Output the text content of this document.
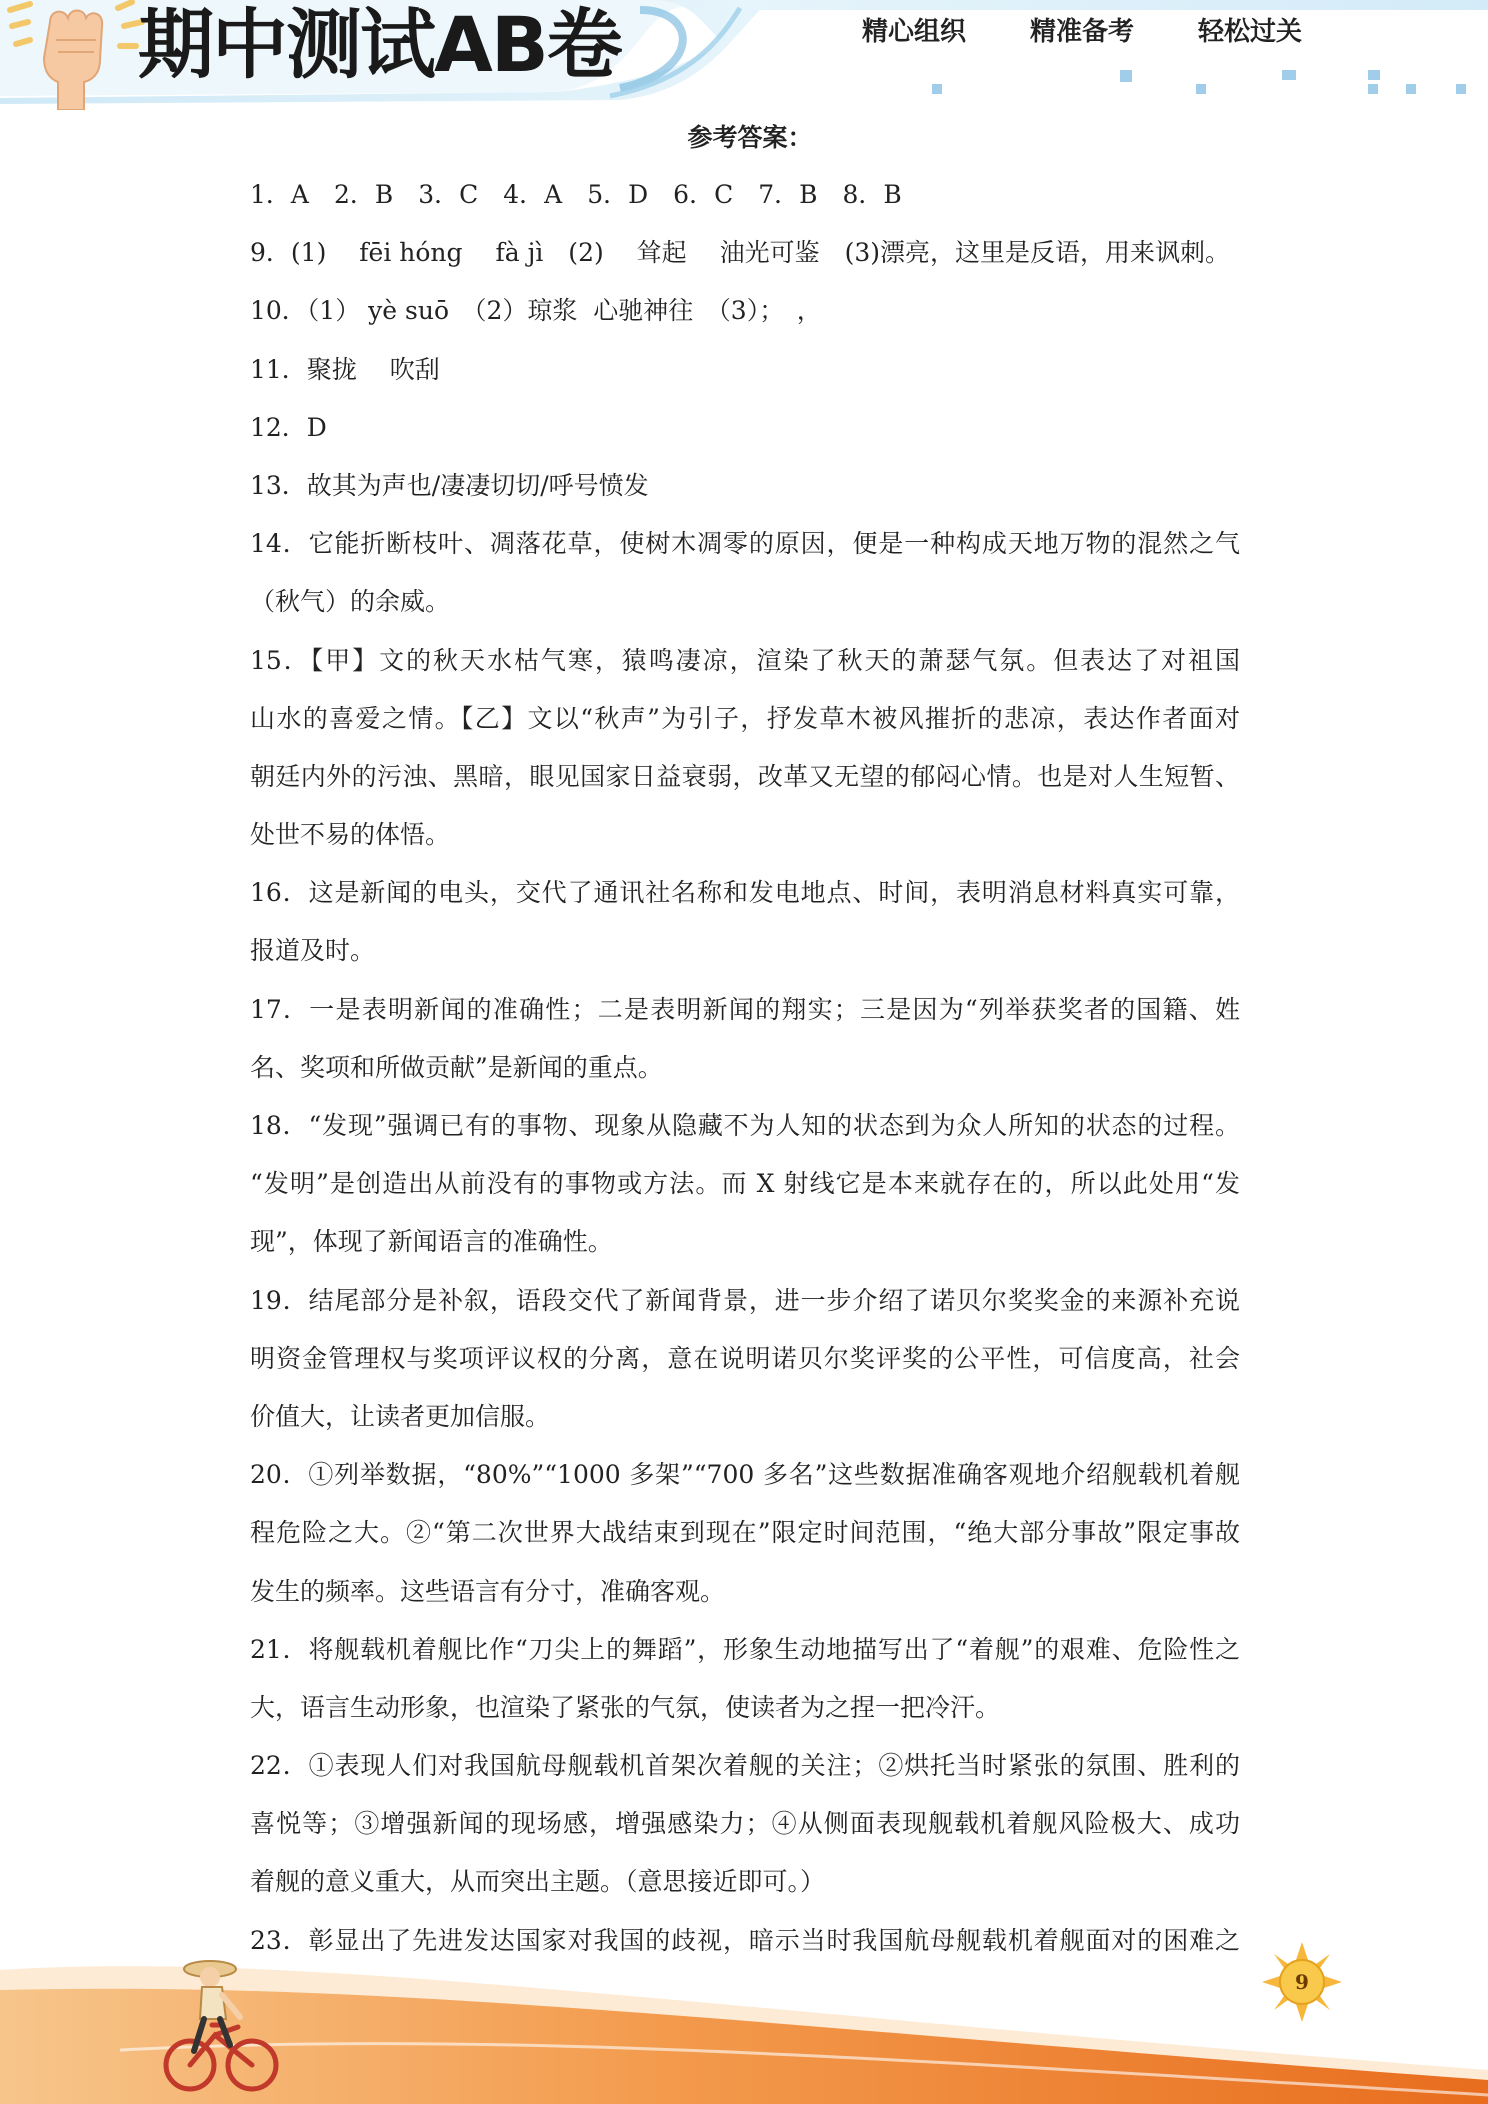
期中测试AB卷	精心组织 精准备考 轻松过关
参考答案：
1．A　2．B　3．C　4．A　5．D　6．C　7．B　8．B
9．(1)　 fēi hóng　 fà jì　(2)　 耸起　 油光可鉴　(3)漂亮，这里是反语，用来讽刺。
10．（1） yè suō　（2）琼浆  心驰神往　（3）；　，
11．聚拢　 吹刮
12．D
13．故其为声也/凄凄切切/呼号愤发
14．它能折断枝叶、凋落花草，使树木凋零的原因，便是一种构成天地万物的混然之气
（秋气）的余威。
15．【甲】文的秋天水枯气寒，猿鸣凄凉，渲染了秋天的萧瑟气氛。但表达了对祖国
山水的喜爱之情。【乙】文以“秋声”为引子，抒发草木被风摧折的悲凉，表达作者面对
朝廷内外的污浊、黑暗，眼见国家日益衰弱，改革又无望的郁闷心情。也是对人生短暂、
处世不易的体悟。
16．这是新闻的电头，交代了通讯社名称和发电地点、时间，表明消息材料真实可靠，
报道及时。
17．一是表明新闻的准确性；二是表明新闻的翔实；三是因为“列举获奖者的国籍、姓
名、奖项和所做贡献”是新闻的重点。
18．“发现”强调已有的事物、现象从隐藏不为人知的状态到为众人所知的状态的过程。
“发明”是创造出从前没有的事物或方法。而 X 射线它是本来就存在的，所以此处用“发
现”，体现了新闻语言的准确性。
19．结尾部分是补叙，语段交代了新闻背景，进一步介绍了诺贝尔奖奖金的来源补充说
明资金管理权与奖项评议权的分离，意在说明诺贝尔奖评奖的公平性，可信度高，社会
价值大，让读者更加信服。
20．①列举数据，“80%”“1000 多架”“700 多名”这些数据准确客观地介绍舰载机着舰
程危险之大。②“第二次世界大战结束到现在”限定时间范围，“绝大部分事故”限定事故
发生的频率。这些语言有分寸，准确客观。
21．将舰载机着舰比作“刀尖上的舞蹈”，形象生动地描写出了“着舰”的艰难、危险性之
大，语言生动形象，也渲染了紧张的气氛，使读者为之捏一把冷汗。
22．①表现人们对我国航母舰载机首架次着舰的关注；②烘托当时紧张的氛围、胜利的
喜悦等；③增强新闻的现场感，增强感染力；④从侧面表现舰载机着舰风险极大、成功
着舰的意义重大，从而突出主题。（意思接近即可。）
23．彰显出了先进发达国家对我国的歧视，暗示当时我国航母舰载机着舰面对的困难之
9
